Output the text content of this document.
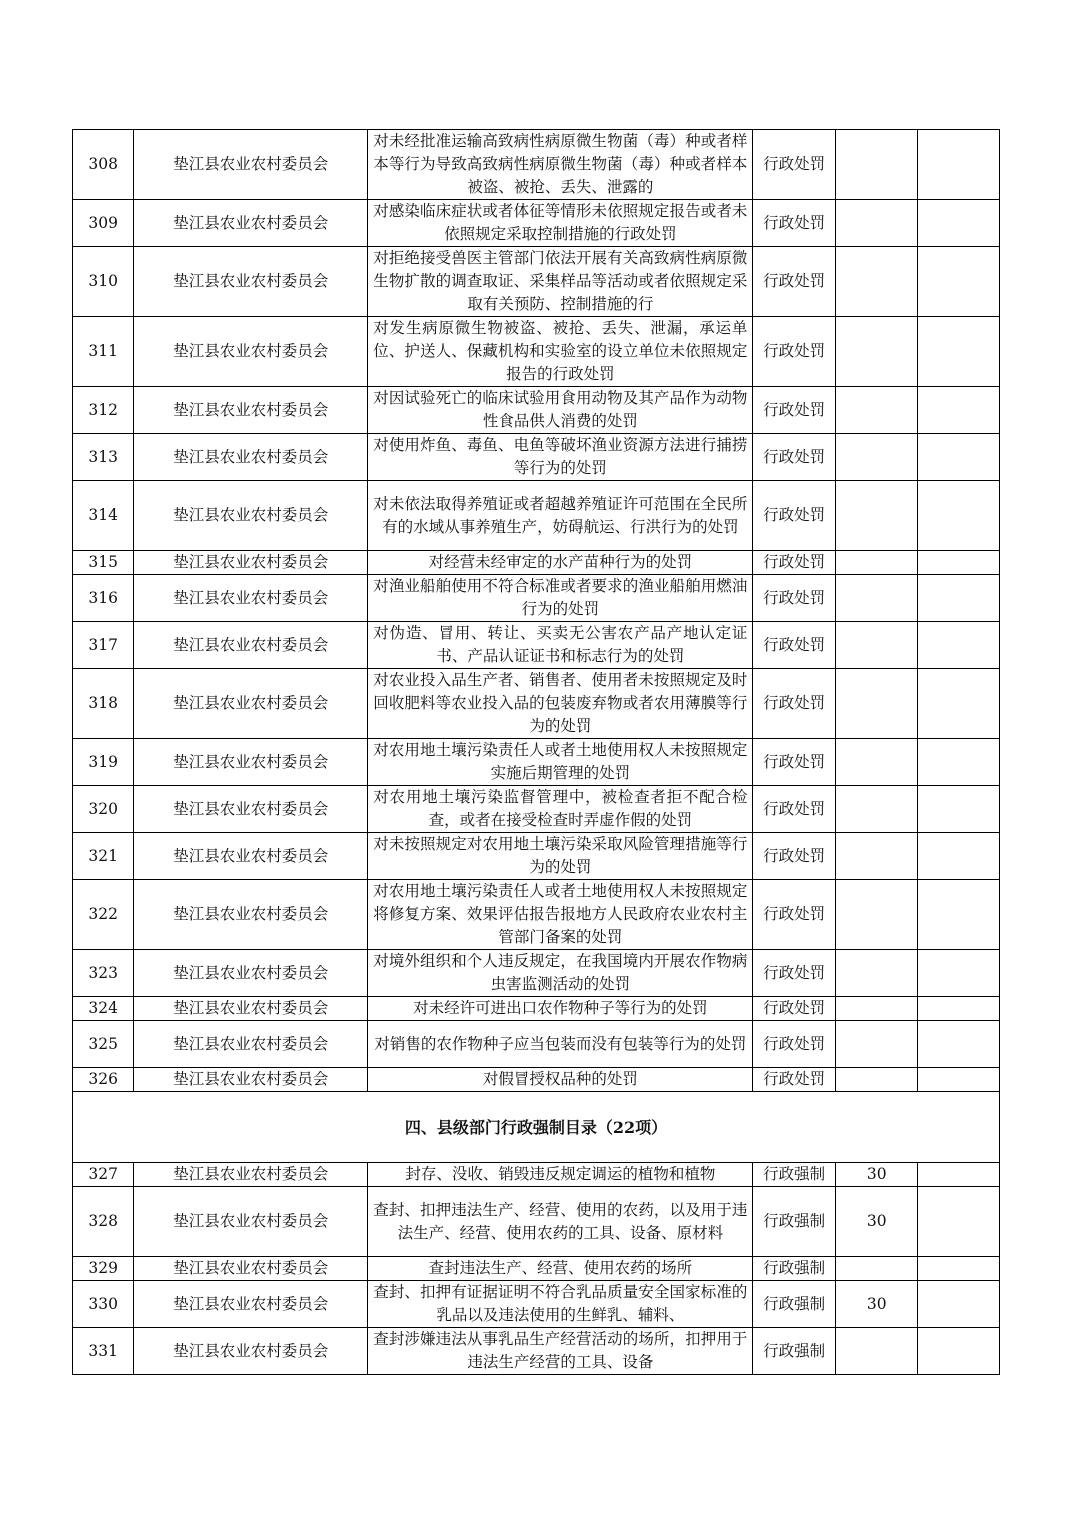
308	垫江县农业农村委员会	对未经批准运输高致病性病原微生物菌（毒）种或者样本等行为导致高致病性病原微生物菌（毒）种或者样本被盗、被抢、丢失、泄露的	行政处罚		
309	垫江县农业农村委员会	对感染临床症状或者体征等情形未依照规定报告或者未依照规定采取控制措施的行政处罚	行政处罚		
310	垫江县农业农村委员会	对拒绝接受兽医主管部门依法开展有关高致病性病原微生物扩散的调查取证、采集样品等活动或者依照规定采取有关预防、控制措施的行	行政处罚		
311	垫江县农业农村委员会	对发生病原微生物被盗、被抢、丢失、泄漏，承运单位、护送人、保藏机构和实验室的设立单位未依照规定报告的行政处罚	行政处罚		
312	垫江县农业农村委员会	对因试验死亡的临床试验用食用动物及其产品作为动物性食品供人消费的处罚	行政处罚		
313	垫江县农业农村委员会	对使用炸鱼、毒鱼、电鱼等破坏渔业资源方法进行捕捞等行为的处罚	行政处罚		
314	垫江县农业农村委员会	对未依法取得养殖证或者超越养殖证许可范围在全民所有的水域从事养殖生产，妨碍航运、行洪行为的处罚	行政处罚		
315	垫江县农业农村委员会	对经营未经审定的水产苗种行为的处罚	行政处罚		
316	垫江县农业农村委员会	对渔业船舶使用不符合标准或者要求的渔业船舶用燃油行为的处罚	行政处罚		
317	垫江县农业农村委员会	对伪造、冒用、转让、买卖无公害农产品产地认定证书、产品认证证书和标志行为的处罚	行政处罚		
318	垫江县农业农村委员会	对农业投入品生产者、销售者、使用者未按照规定及时回收肥料等农业投入品的包装废弃物或者农用薄膜等行为的处罚	行政处罚		
319	垫江县农业农村委员会	对农用地土壤污染责任人或者土地使用权人未按照规定实施后期管理的处罚	行政处罚		
320	垫江县农业农村委员会	对农用地土壤污染监督管理中，被检查者拒不配合检查，或者在接受检查时弄虚作假的处罚	行政处罚		
321	垫江县农业农村委员会	对未按照规定对农用地土壤污染采取风险管理措施等行为的处罚	行政处罚		
322	垫江县农业农村委员会	对农用地土壤污染责任人或者土地使用权人未按照规定将修复方案、效果评估报告报地方人民政府农业农村主管部门备案的处罚	行政处罚		
323	垫江县农业农村委员会	对境外组织和个人违反规定，在我国境内开展农作物病虫害监测活动的处罚	行政处罚		
324	垫江县农业农村委员会	对未经许可进出口农作物种子等行为的处罚	行政处罚		
325	垫江县农业农村委员会	对销售的农作物种子应当包装而没有包装等行为的处罚	行政处罚		
326	垫江县农业农村委员会	对假冒授权品种的处罚	行政处罚		
四、县级部门行政强制目录（22项）					
327	垫江县农业农村委员会	封存、没收、销毁违反规定调运的植物和植物	行政强制	30	
328	垫江县农业农村委员会	查封、扣押违法生产、经营、使用的农药，以及用于违法生产、经营、使用农药的工具、设备、原材料	行政强制	30	
329	垫江县农业农村委员会	查封违法生产、经营、使用农药的场所	行政强制		
330	垫江县农业农村委员会	查封、扣押有证据证明不符合乳品质量安全国家标准的乳品以及违法使用的生鲜乳、辅料、	行政强制	30	
331	垫江县农业农村委员会	查封涉嫌违法从事乳品生产经营活动的场所，扣押用于违法生产经营的工具、设备	行政强制		
